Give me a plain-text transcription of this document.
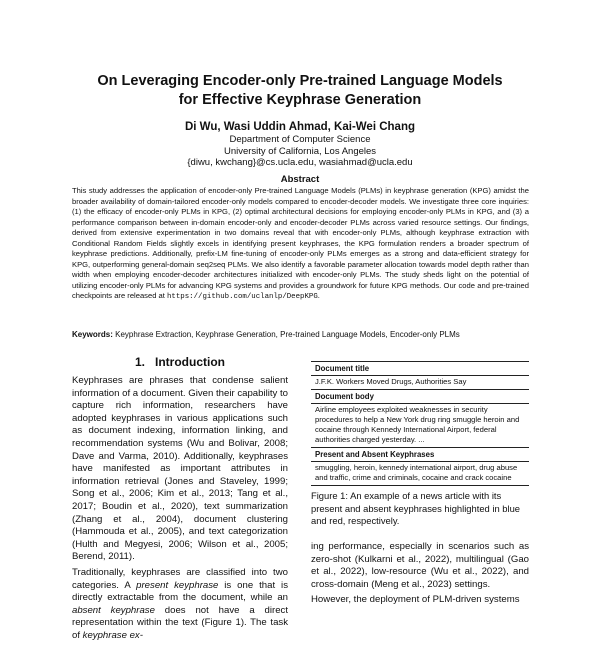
On Leveraging Encoder-only Pre-trained Language Models
for Effective Keyphrase Generation
Di Wu, Wasi Uddin Ahmad, Kai-Wei Chang
Department of Computer Science
University of California, Los Angeles
{diwu, kwchang}@cs.ucla.edu, wasiahmad@ucla.edu
Abstract
This study addresses the application of encoder-only Pre-trained Language Models (PLMs) in keyphrase generation (KPG) amidst the broader availability of domain-tailored encoder-only models compared to encoder-decoder models. We investigate three core inquiries: (1) the efficacy of encoder-only PLMs in KPG, (2) optimal architectural decisions for employing encoder-only PLMs in KPG, and (3) a performance comparison between in-domain encoder-only and encoder-decoder PLMs across varied resource settings. Our findings, derived from extensive experimentation in two domains reveal that with encoder-only PLMs, although keyphrase extraction with Conditional Random Fields slightly excels in identifying present keyphrases, the KPG formulation renders a broader spectrum of keyphrase predictions. Additionally, prefix-LM fine-tuning of encoder-only PLMs emerges as a strong and data-efficient strategy for KPG, outperforming general-domain seq2seq PLMs. We also identify a favorable parameter allocation towards model depth rather than width when employing encoder-decoder architectures initialized with encoder-only PLMs. The study sheds light on the potential of utilizing encoder-only PLMs for advancing KPG systems and provides a groundwork for future KPG methods. Our code and pre-trained checkpoints are released at https://github.com/uclanlp/DeepKPG.
Keywords: Keyphrase Extraction, Keyphrase Generation, Pre-trained Language Models, Encoder-only PLMs
1. Introduction

Keyphrases are phrases that condense salient information of a document. Given their capability to capture rich information, researchers have adopted keyphrases in various applications such as document indexing, information linking, and recommendation systems (Wu and Bolivar, 2008; Dave and Varma, 2010). Additionally, keyphrases have manifested as important attributes in information retrieval (Jones and Staveley, 1999; Song et al., 2006; Kim et al., 2013; Tang et al., 2017; Boudin et al., 2020), text summarization (Zhang et al., 2004), document clustering (Hammouda et al., 2005), and text categorization (Hulth and Megyesi, 2006; Wilson et al., 2005; Berend, 2011).

Traditionally, keyphrases are classified into two categories. A present keyphrase is one that is directly extractable from the document, while an absent keyphrase does not have a direct representation within the text (Figure 1). The task of keyphrase ex-

Document title
J.F.K. Workers Moved Drugs, Authorities Say
Document body
Airline employees exploited weaknesses in security procedures to help a New York drug ring smuggle heroin and cocaine through Kennedy International Airport, federal authorities charged yesterday. ...
Present and Absent Keyphrases
smuggling, heroin, kennedy international airport, drug abuse and traffic, crime and criminals, cocaine and crack cocaine
Figure 1: An example of a news article with its present and absent keyphrases highlighted in blue and red, respectively.

ing performance, especially in scenarios such as zero-shot (Kulkarni et al., 2022), multilingual (Gao et al., 2022), low-resource (Wu et al., 2022), and cross-domain (Meng et al., 2023) settings.

However, the deployment of PLM-driven systems
